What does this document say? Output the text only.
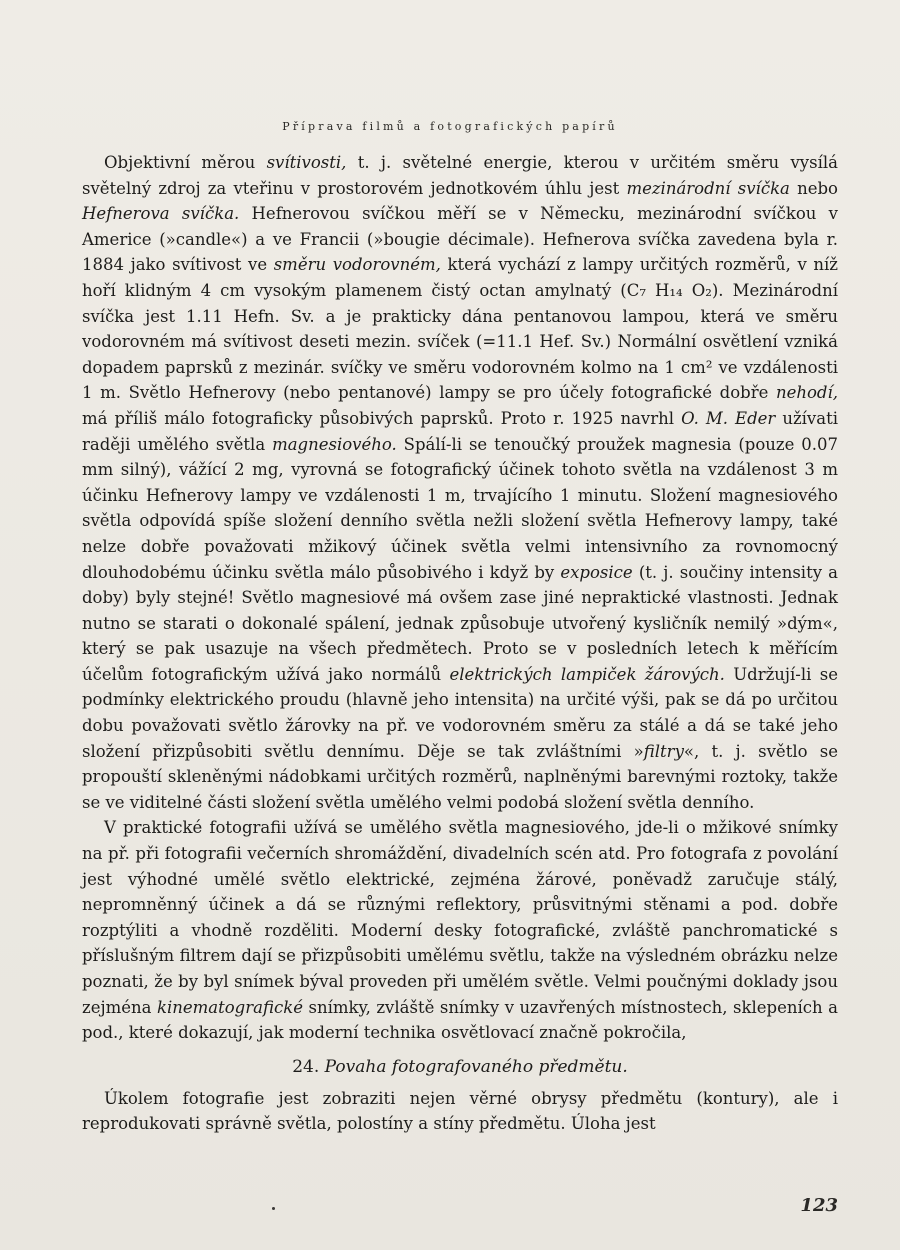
Příprava filmů a fotografických papírů

Objektivní měrou svítivosti, t. j. světelné energie, kterou v určitém směru vysílá světelný zdroj za vteřinu v prostorovém jednotkovém úhlu jest mezinárodní svíčka nebo Hefnerova svíčka. Hefnerovou svíčkou měří se v Německu, mezinárodní svíčkou v Americe (»candle«) a ve Francii (»bougie décimale). Hefnerova svíčka zavedena byla r. 1884 jako svítivost ve směru vodorovném, která vychází z lampy určitých rozměrů, v níž hoří klidným 4 cm vysokým plamenem čistý octan amylnatý (C₇ H₁₄ O₂). Mezinárodní svíčka jest 1.11 Hefn. Sv. a je prakticky dána pentanovou lampou, která ve směru vodorovném má svítivost deseti mezin. svíček (=11.1 Hef. Sv.) Normální osvětlení vzniká dopadem paprsků z mezinár. svíčky ve směru vodorovném kolmo na 1 cm² ve vzdálenosti 1 m. Světlo Hefnerovy (nebo pentanové) lampy se pro účely fotografické dobře nehodí, má příliš málo fotograficky působivých paprsků. Proto r. 1925 navrhl O. M. Eder užívati raději umělého světla magnesiového. Spálí-li se tenoučký proužek magnesia (pouze 0.07 mm silný), vážící 2 mg, vyrovná se fotografický účinek tohoto světla na vzdálenost 3 m účinku Hefnerovy lampy ve vzdálenosti 1 m, trvajícího 1 minutu. Složení magnesiového světla odpovídá spíše složení denního světla nežli složení světla Hefnerovy lampy, také nelze dobře považovati mžikový účinek světla velmi intensivního za rovnomocný dlouhodobému účinku světla málo působivého i když by exposice (t. j. součiny intensity a doby) byly stejné! Světlo magnesiové má ovšem zase jiné nepraktické vlastnosti. Jednak nutno se starati o dokonalé spálení, jednak způsobuje utvořený kysličník nemilý »dým«, který se pak usazuje na všech předmětech. Proto se v posledních letech k měřícím účelům fotografickým užívá jako normálů elektrických lampiček žárových. Udržují-li se podmínky elektrického proudu (hlavně jeho intensita) na určité výši, pak se dá po určitou dobu považovati světlo žárovky na př. ve vodorovném směru za stálé a dá se také jeho složení přizpůsobiti světlu dennímu. Děje se tak zvláštními »filtry«, t. j. světlo se propouští skleněnými nádobkami určitých rozměrů, naplněnými barevnými roztoky, takže se ve viditelné části složení světla umělého velmi podobá složení světla denního.

V praktické fotografii užívá se umělého světla magnesiového, jde-li o mžikové snímky na př. při fotografii večerních shromáždění, divadelních scén atd. Pro fotografa z povolání jest výhodné umělé světlo elektrické, zejména žárové, poněvadž zaručuje stálý, nepromněnný účinek a dá se různými reflektory, průsvitnými stěnami a pod. dobře rozptýliti a vhodně rozděliti. Moderní desky fotografické, zvláště panchromatické s příslušným filtrem dají se přizpůsobiti umělému světlu, takže na výsledném obrázku nelze poznati, že by byl snímek býval proveden při umělém světle. Velmi poučnými doklady jsou zejména kinematografické snímky, zvláště snímky v uzavřených místnostech, sklepeních a pod., které dokazují, jak moderní technika osvětlovací značně pokročila,

24. Povaha fotografovaného předmětu.

Úkolem fotografie jest zobraziti nejen věrné obrysy předmětu (kontury), ale i reprodukovati správně světla, polostíny a stíny předmětu. Úloha jest

123
